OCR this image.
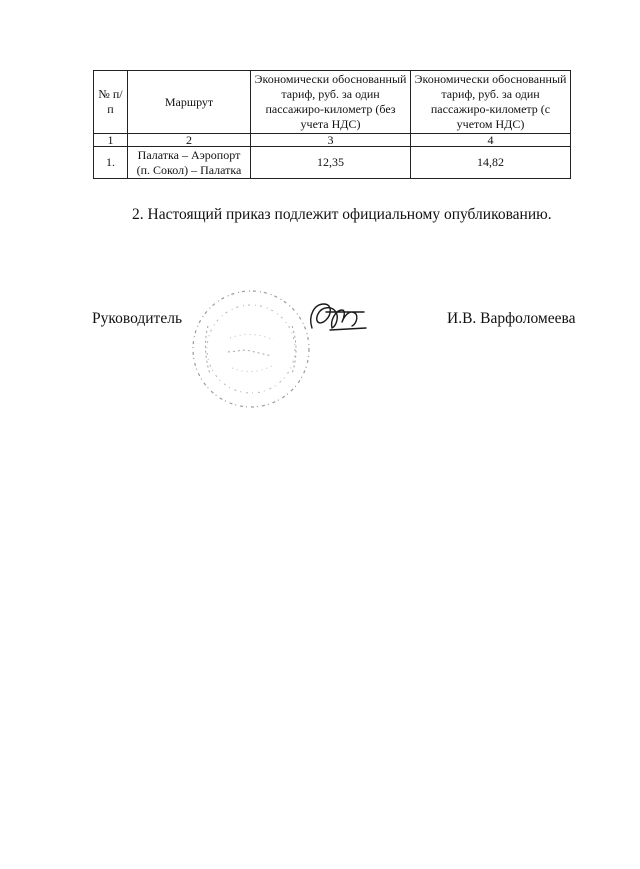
№ п/п	Маршрут	Экономически обоснованный тариф, руб. за один пассажиро-километр (без учета НДС)	Экономически обоснованный тариф, руб. за один пассажиро-километр (с учетом НДС)
1	2	3	4
1.	Палатка – Аэропорт (п. Сокол) – Палатка	12,35	14,82
2. Настоящий приказ подлежит официальному опубликованию.
Руководитель	И.В. Варфоломеева
